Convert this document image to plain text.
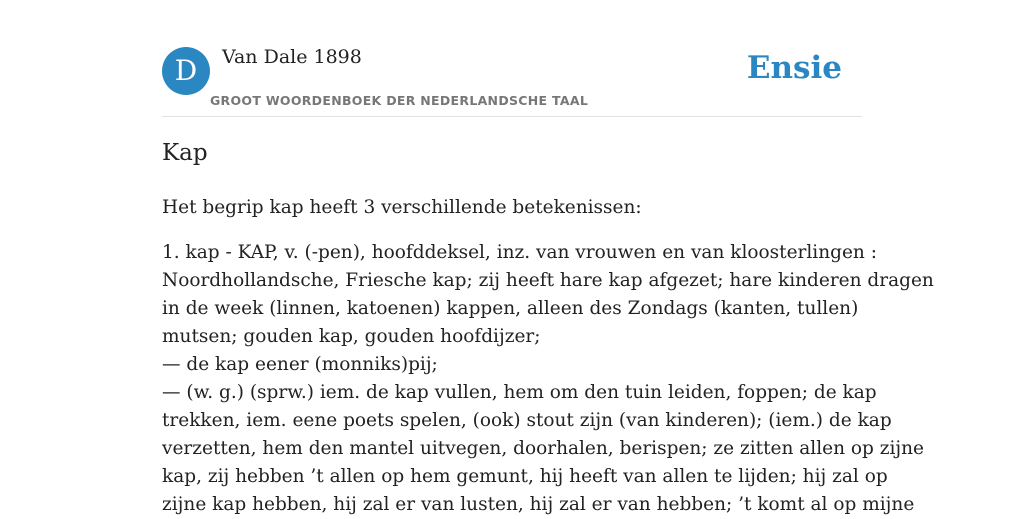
D	Van Dale 1898
GROOT WOORDENBOEK DER NEDERLANDSCHE TAAL
Ensie
Kap

Het begrip kap heeft 3 verschillende betekenissen:

1. kap - KAP, v. (-pen), hoofddeksel, inz. van vrouwen en van kloosterlingen :
Noordhollandsche, Friesche kap; zij heeft hare kap afgezet; hare kinderen dragen
in de week (linnen, katoenen) kappen, alleen des Zondags (kanten, tullen)
mutsen; gouden kap, gouden hoofdijzer;
— de kap eener (monniks)pij;
— (w. g.) (sprw.) iem. de kap vullen, hem om den tuin leiden, foppen; de kap
trekken, iem. eene poets spelen, (ook) stout zijn (van kinderen); (iem.) de kap
verzetten, hem den mantel uitvegen, doorhalen, berispen; ze zitten allen op zijne
kap, zij hebben ’t allen op hem gemunt, hij heeft van allen te lijden; hij zal op
zijne kap hebben, hij zal er van lusten, hij zal er van hebben; ’t komt al op mijne
